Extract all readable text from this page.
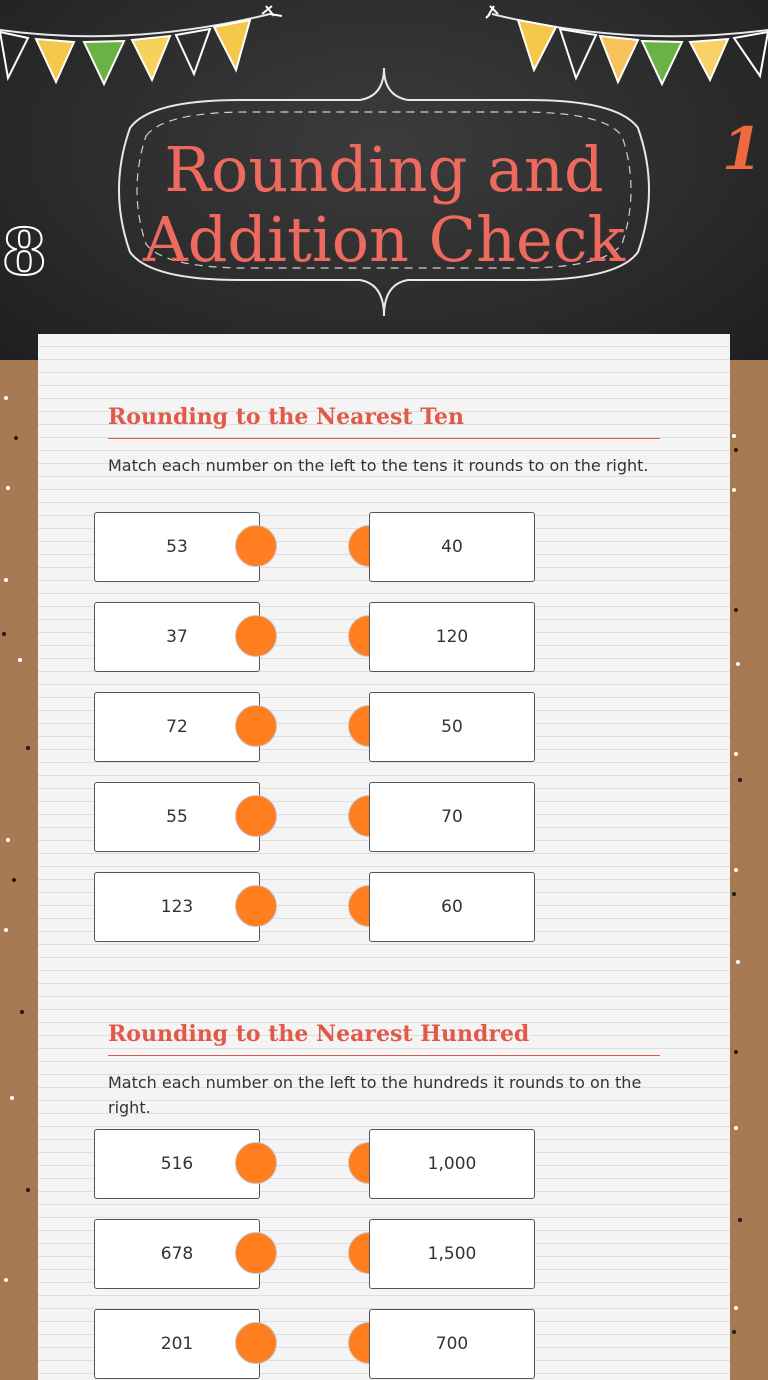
Rounding and

Addition Check

8
1
Rounding to the Nearest Ten

Match each number on the left to the tens it rounds to on the right.

53	40
37	120
72	50
55	70
123	60
Rounding to the Nearest Hundred

Match each number on the left to the hundreds it rounds to on the right.

516	1,000
678	1,500
201	700
